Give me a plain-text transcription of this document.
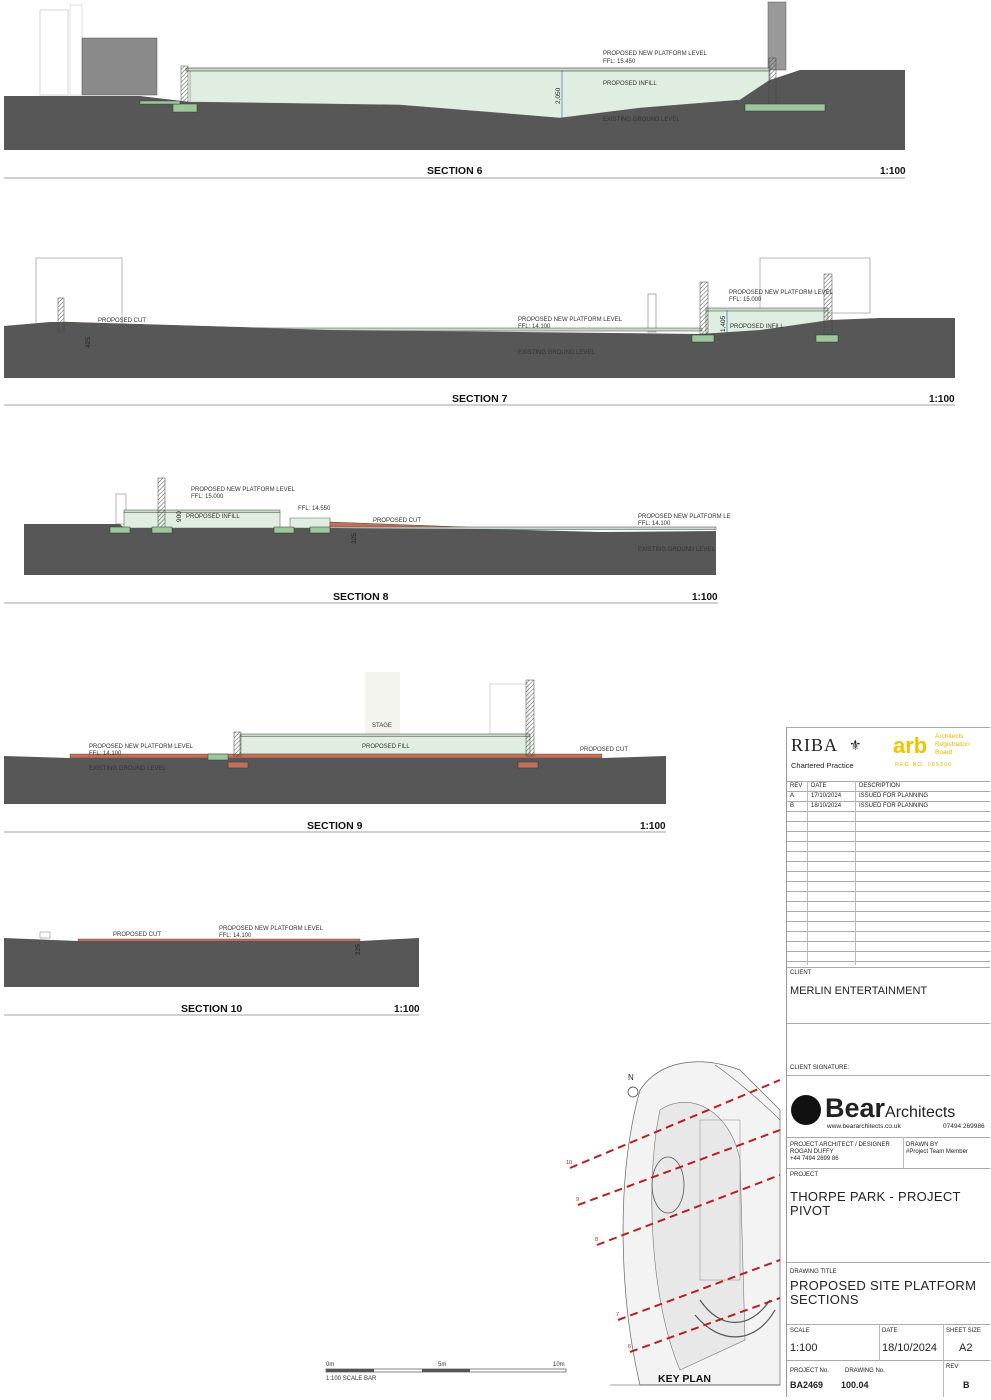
2,050
PROPOSED NEW PLATFORM LEVEL
FFL: 15.450
PROPOSED INFILL
EXISTING GROUND LEVEL
SECTION 6	1:100
425
1,405
PROPOSED CUT	PROPOSED NEW PLATFORM LEVEL
FFL: 14.100
PROPOSED NEW PLATFORM LEVEL
FFL: 15.000
PROPOSED INFILL
EXISTING GROUND LEVEL
SECTION 7	1:100
900
325
PROPOSED NEW PLATFORM LEVEL
FFL: 15.000
PROPOSED INFILL
FFL: 14.550
PROPOSED CUT
PROPOSED NEW PLATFORM LE
FFL: 14.100
EXISTING GROUND LEVEL
SECTION 8	1:100
STAGE
PROPOSED FILL
PROPOSED NEW PLATFORM LEVEL
FFL: 14.100
EXISTING GROUND LEVEL
PROPOSED CUT
SECTION 9	1:100
225
PROPOSED CUT
PROPOSED NEW PLATFORM LEVEL
FFL: 14.100
SECTION 10	1:100
N
10
9
8
7
6
KEY PLAN
0m	5m	10m
1:100 SCALE BAR
RIBA ⚜
Chartered Practice
arb Architects
Registration
Board
REG NO. 085306
REV DATE	DESCRIPTION
A	17/10/2024	ISSUED FOR PLANNING
B	18/10/2024	ISSUED FOR PLANNING
CLIENT
MERLIN ENTERTAINMENT
CLIENT SIGNATURE:
BearArchitects
www.beararchitects.co.uk	07494 269986
PROJECT ARCHITECT / DESIGNER
ROGAN DUFFY
+44 7494 2699 86
DRAWN BY
#Project Team Member
PROJECT
THORPE PARK - PROJECT PIVOT
DRAWING TITLE
PROPOSED SITE PLATFORM SECTIONS
SCALE
1:100
DATE
18/10/2024
SHEET SIZE
A2
PROJECT No.
BA2469
DRAWING No.
100.04
REV
B
